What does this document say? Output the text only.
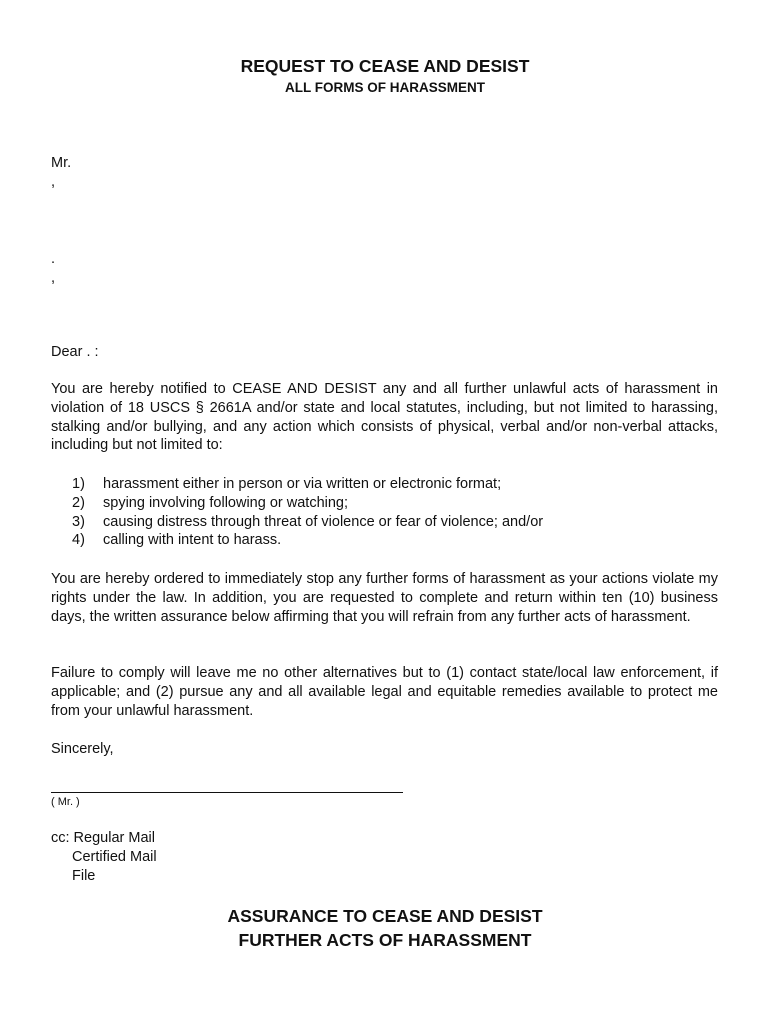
REQUEST TO CEASE AND DESIST
ALL FORMS OF HARASSMENT
Mr.
,
.
,
Dear . :
You are hereby notified to CEASE AND DESIST any and all further unlawful acts of harassment in violation of 18 USCS § 2661A and/or state and local statutes, including, but not limited to harassing, stalking and/or bullying, and any action which consists of physical, verbal and/or non-verbal attacks, including but not limited to:
1)	harassment either in person or via written or electronic format;
2)	spying involving following or watching;
3)	causing distress through threat of violence or fear of violence; and/or
4)	calling with intent to harass.
You are hereby ordered to immediately stop any further forms of harassment as your actions violate my rights under the law. In addition, you are requested to complete and return within ten (10) business days, the written assurance below affirming that you will refrain from any further acts of harassment.
Failure to comply will leave me no other alternatives but to (1) contact state/local law enforcement, if applicable; and (2) pursue any and all available legal and equitable remedies available to protect me from your unlawful harassment.
Sincerely,
( Mr. )
cc: Regular Mail
Certified Mail
File
ASSURANCE TO CEASE AND DESIST
FURTHER ACTS OF HARASSMENT
